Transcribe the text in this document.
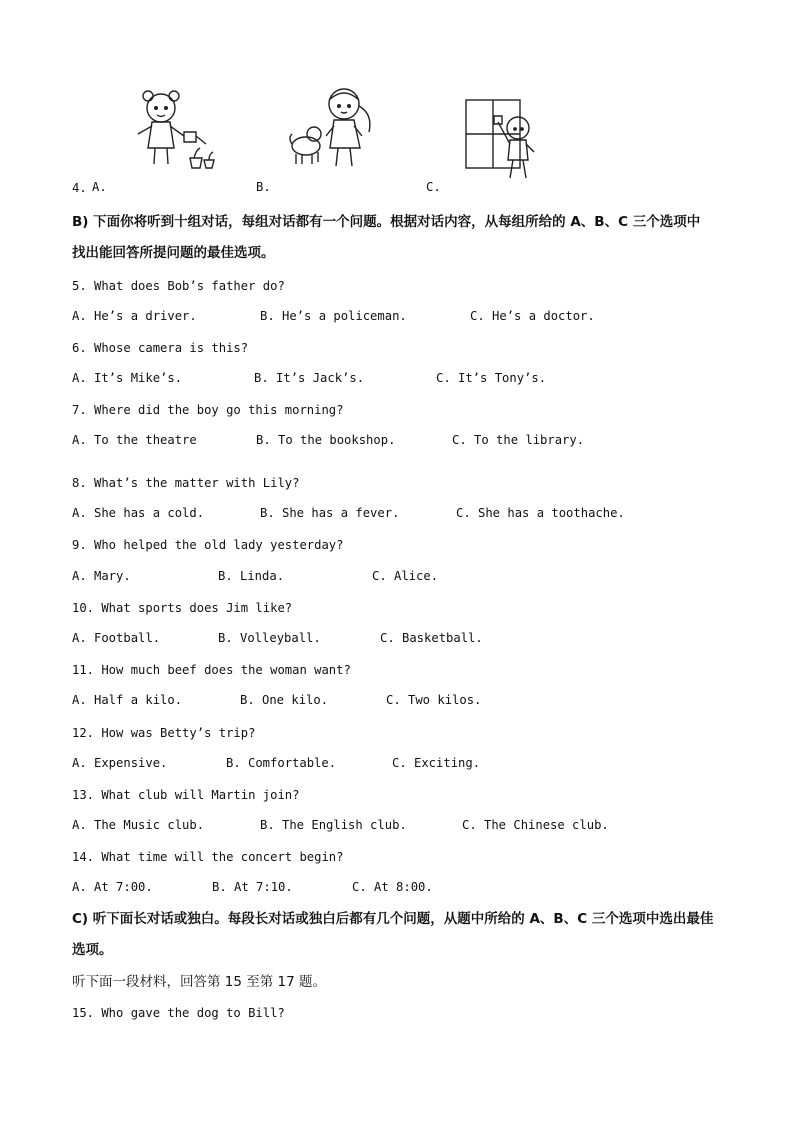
4. A.	B.	C.
B) 下面你将听到十组对话，每组对话都有一个问题。根据对话内容，从每组所给的 A、B、C 三个选项中
找出能回答所提问题的最佳选项。
5. What does Bob’s father do?
A. He’s a driver.	B. He’s a policeman.	C. He’s a doctor.
6. Whose camera is this?
A. It’s Mike’s.	B. It’s Jack’s.	C. It’s Tony’s.
7. Where did the boy go this morning?
A. To the theatre	B. To the bookshop.	C. To the library.
8. What’s the matter with Lily?
A. She has a cold.	B. She has a fever.	C. She has a toothache.
9. Who helped the old lady yesterday?
A. Mary.	B. Linda.	C. Alice.
10. What sports does Jim like?
A. Football.	B. Volleyball.	C. Basketball.
11. How much beef does the woman want?
A. Half a kilo.	B. One kilo.	C. Two kilos.
12. How was Betty’s trip?
A. Expensive.	B. Comfortable.	C. Exciting.
13. What club will Martin join?
A. The Music club.	B. The English club.	C. The Chinese club.
14. What time will the concert begin?
A. At 7:00.	B. At 7:10.	C. At 8:00.
C) 听下面长对话或独白。每段长对话或独白后都有几个问题，从题中所给的 A、B、C 三个选项中选出最佳
选项。
听下面一段材料，回答第 15 至第 17 题。
15. Who gave the dog to Bill?
